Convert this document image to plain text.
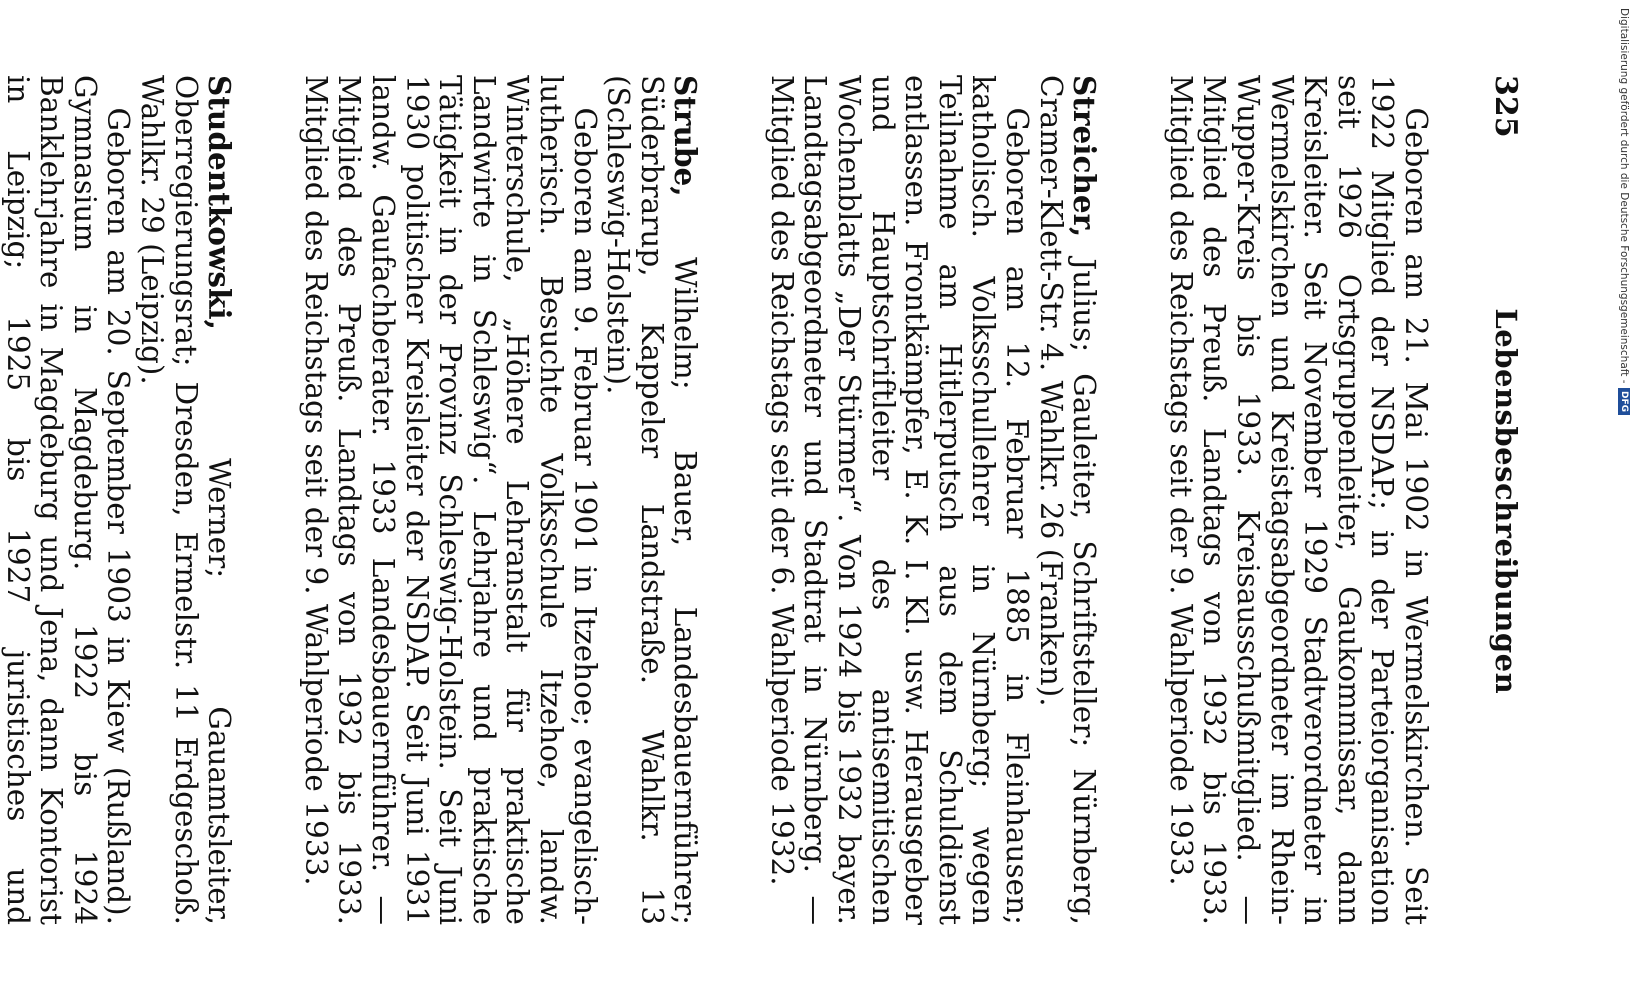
325
Lebensbeschreibungen

Geboren am 21. Mai 1902 in Wermelskirchen. Seit 1922 Mitglied der NSDAP.; in der Parteiorganisation seit 1926 Ortsgruppenleiter, Gaukommissar, dann Kreisleiter. Seit November 1929 Stadtverordneter in Wermelskirchen und Kreistagsabgeordneter im Rhein-Wupper-Kreis bis 1933. Kreisausschußmitglied. — Mitglied des Preuß. Landtags von 1932 bis 1933. Mitglied des Reichstags seit der 9. Wahlperiode 1933.

Streicher, Julius; Gauleiter, Schriftsteller; Nürnberg, Cramer-Klett-Str. 4. Wahlkr. 26 (Franken).

Geboren am 12. Februar 1885 in Fleinhausen; katholisch. Volksschullehrer in Nürnberg; wegen Teilnahme am Hitlerputsch aus dem Schuldienst entlassen. Frontkämpfer, E. K. I. Kl. usw. Herausgeber und Hauptschriftleiter des antisemitischen Wochenblatts „Der Stürmer“. Von 1924 bis 1932 bayer. Landtagsabgeordneter und Stadtrat in Nürnberg. — Mitglied des Reichstags seit der 6. Wahlperiode 1932.

Strube, Wilhelm; Bauer, Landesbauernführer; Süderbrarup, Kappeler Landstraße. Wahlkr. 13 (Schleswig-Holstein).

Geboren am 9. Februar 1901 in Itzehoe; evangelisch-lutherisch. Besuchte Volksschule Itzehoe, landw. Winterschule, „Höhere Lehranstalt für praktische Landwirte in Schleswig“. Lehrjahre und praktische Tätigkeit in der Provinz Schleswig-Holstein. Seit Juni 1930 politischer Kreisleiter der NSDAP. Seit Juni 1931 landw. Gaufachberater. 1933 Landesbauernführer. — Mitglied des Preuß. Landtags von 1932 bis 1933. Mitglied des Reichstags seit der 9. Wahlperiode 1933.

Studentkowski, Werner; Gauamtsleiter, Oberregierungsrat; Dresden, Ermelstr. 11 Erdgeschoß. Wahlkr. 29 (Leipzig).

Geboren am 20. September 1903 in Kiew (Rußland). Gymnasium in Magdeburg. 1922 bis 1924 Banklehrjahre in Magdeburg und Jena, dann Kontorist in Leipzig; 1925 bis 1927 juristisches und

Digitalisierung gefördert durch die Deutsche Forschungsgemeinschaft -
DFG
